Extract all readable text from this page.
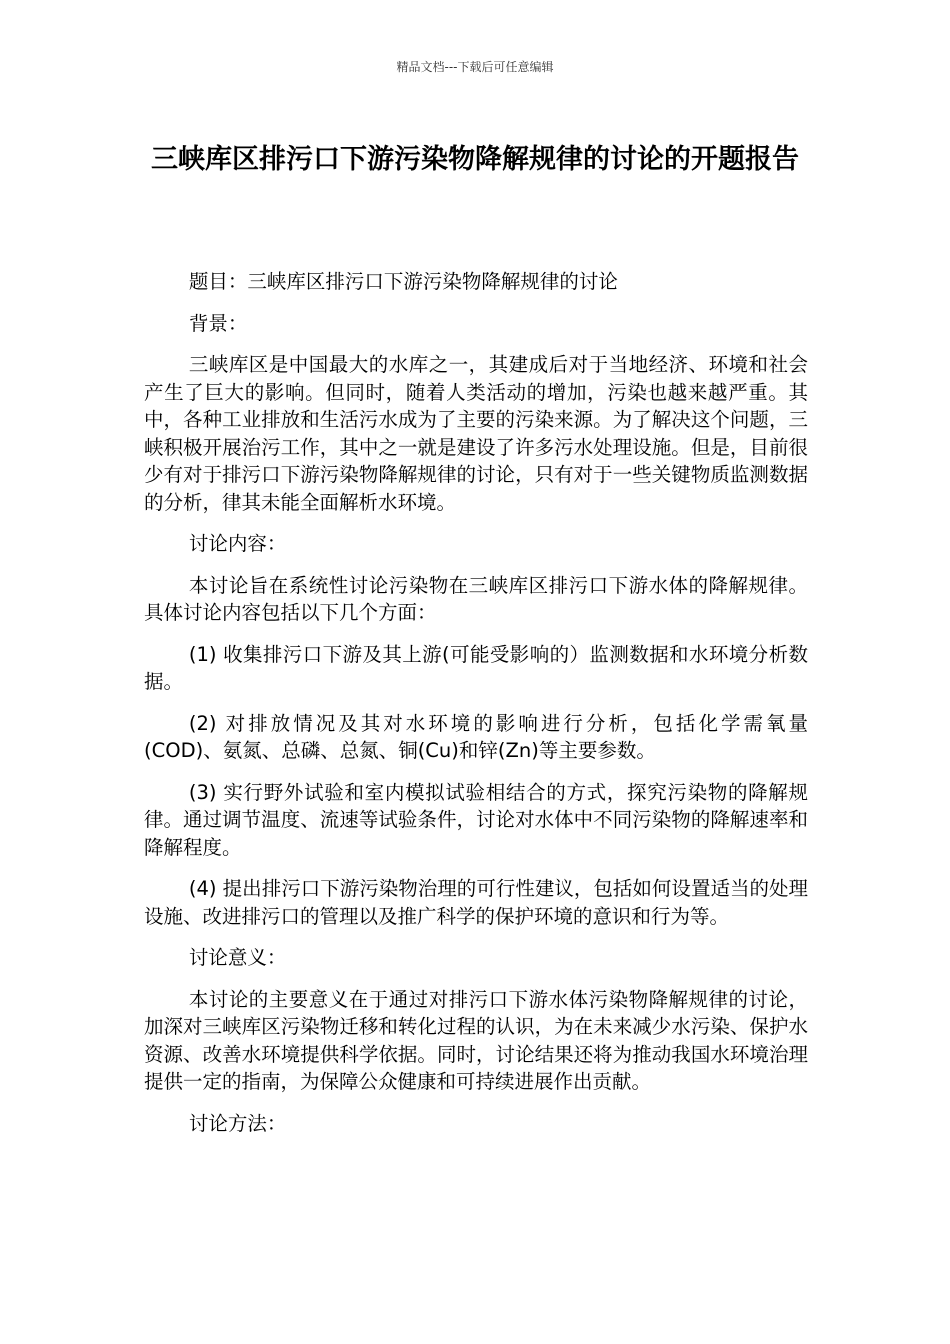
精品文档---下载后可任意编辑
三峡库区排污口下游污染物降解规律的讨论的开题报告

题目：三峡库区排污口下游污染物降解规律的讨论

背景：

三峡库区是中国最大的水库之一，其建成后对于当地经济、环境和社会产生了巨大的影响。但同时，随着人类活动的增加，污染也越来越严重。其中，各种工业排放和生活污水成为了主要的污染来源。为了解决这个问题，三峡积极开展治污工作，其中之一就是建设了许多污水处理设施。但是，目前很少有对于排污口下游污染物降解规律的讨论，只有对于一些关键物质监测数据的分析，律其未能全面解析水环境。

讨论内容：

本讨论旨在系统性讨论污染物在三峡库区排污口下游水体的降解规律。具体讨论内容包括以下几个方面：

(1) 收集排污口下游及其上游(可能受影响的）监测数据和水环境分析数据。

(2) 对排放情况及其对水环境的影响进行分析，包括化学需氧量(COD)、氨氮、总磷、总氮、铜(Cu)和锌(Zn)等主要参数。

(3) 实行野外试验和室内模拟试验相结合的方式，探究污染物的降解规律。通过调节温度、流速等试验条件，讨论对水体中不同污染物的降解速率和降解程度。

(4) 提出排污口下游污染物治理的可行性建议，包括如何设置适当的处理设施、改进排污口的管理以及推广科学的保护环境的意识和行为等。

讨论意义：

本讨论的主要意义在于通过对排污口下游水体污染物降解规律的讨论，加深对三峡库区污染物迁移和转化过程的认识，为在未来减少水污染、保护水资源、改善水环境提供科学依据。同时，讨论结果还将为推动我国水环境治理提供一定的指南，为保障公众健康和可持续进展作出贡献。

讨论方法：
